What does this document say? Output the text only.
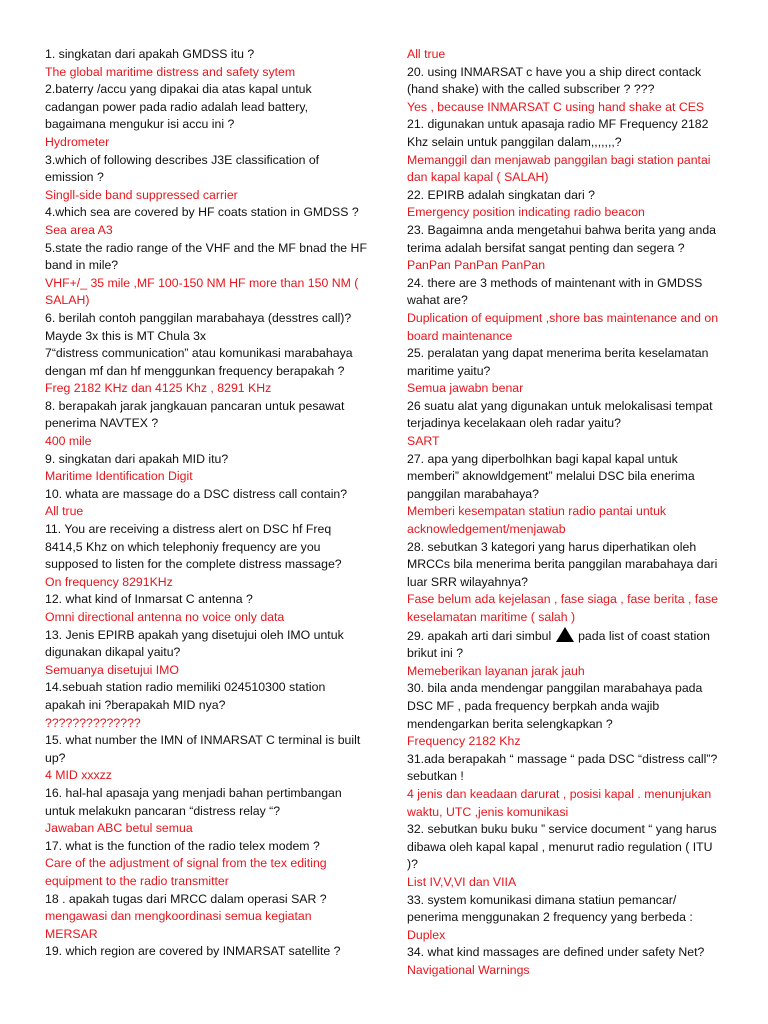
1. singkatan dari apakah GMDSS itu ?

The global maritime distress and safety sytem

2.baterry /accu yang dipakai dia atas kapal untuk cadangan power pada radio adalah lead battery, bagaimana mengukur isi accu ini ?

Hydrometer

3.which of following describes J3E classification of emission ?

Singll-side band suppressed carrier

4.which sea are covered by HF coats station in GMDSS ?

Sea area A3

5.state the radio range of the VHF and the MF bnad the HF band in mile?

VHF+/_ 35 mile ,MF 100-150 NM HF more than 150 NM ( SALAH)

6. berilah contoh panggilan marabahaya (desstres call)? Mayde 3x this is MT Chula 3x

7“distress communication” atau komunikasi marabahaya dengan mf dan hf menggunkan frequency berapakah ?

Freg 2182 KHz dan 4125 Khz , 8291 KHz

8. berapakah jarak jangkauan pancaran untuk pesawat penerima NAVTEX ?

400 mile

9. singkatan dari apakah MID itu?

Maritime Identification Digit

10. whata are massage do a DSC distress call contain?

All true

11. You are receiving a distress alert on DSC hf Freq 8414,5 Khz on which telephoniy frequency are you supposed to listen for the complete distress massage?

On frequency 8291KHz

12. what kind of Inmarsat C antenna ?

Omni directional antenna no voice only data

13. Jenis EPIRB apakah yang disetujui oleh IMO untuk digunakan dikapal yaitu?

Semuanya disetujui IMO

14.sebuah station radio memiliki 024510300 station apakah ini ?berapakah MID nya?

??????????????

15. what number the IMN of INMARSAT C terminal is built up?

4 MID xxxzz

16. hal-hal apasaja yang menjadi bahan pertimbangan untuk melakukn pancaran “distress relay “?

Jawaban ABC betul semua

17. what is the function of the radio telex modem ?

Care of the adjustment of signal from the tex editing equipment to the radio transmitter

18 . apakah tugas dari MRCC dalam operasi SAR ?

mengawasi dan mengkoordinasi semua kegiatan MERSAR

19. which region are covered by INMARSAT satellite ?

All true

20. using INMARSAT c have you a ship direct contack (hand shake) with the called subscriber ? ???

Yes , because INMARSAT C using hand shake at CES

21. digunakan untuk apasaja radio MF Frequency 2182 Khz selain untuk panggilan dalam,,,,,,,?

Memanggil dan menjawab panggilan bagi station pantai dan kapal kapal ( SALAH)

22. EPIRB adalah singkatan dari ?

Emergency position indicating radio beacon

23. Bagaimna anda mengetahui bahwa berita yang anda terima adalah bersifat sangat penting dan segera ?

PanPan PanPan PanPan

24. there are 3 methods of maintenant with in GMDSS wahat are?

Duplication of equipment ,shore bas maintenance and on board maintenance

25. peralatan yang dapat menerima berita keselamatan maritime yaitu?

Semua jawabn benar

26 suatu alat yang digunakan untuk melokalisasi tempat terjadinya kecelakaan oleh radar yaitu?

SART

27. apa yang diperbolhkan bagi kapal kapal untuk memberi” aknowldgement” melalui DSC bila enerima panggilan marabahaya?

Memberi kesempatan statiun radio pantai untuk acknowledgement/menjawab

28. sebutkan 3 kategori yang harus diperhatikan oleh MRCCs bila menerima berita panggilan marabahaya dari luar SRR wilayahnya?

Fase belum ada kejelasan , fase siaga , fase berita , fase keselamatan maritime ( salah )

29. apakah arti dari simbul  pada list of coast station brikut ini ?

Memeberikan layanan jarak jauh

30. bila anda mendengar panggilan marabahaya pada DSC MF , pada frequency berpkah anda wajib mendengarkan berita selengkapkan ?

Frequency 2182 Khz

31.ada berapakah “ massage “ pada DSC “distress call”? sebutkan !

4 jenis dan keadaan darurat , posisi kapal . menunjukan waktu, UTC ,jenis komunikasi

32. sebutkan buku buku ” service document “ yang harus dibawa oleh kapal kapal , menurut radio regulation ( ITU )?

List IV,V,VI dan VIIA

33. system komunikasi dimana statiun pemancar/ penerima menggunakan 2 frequency yang berbeda :

Duplex

34. what kind massages are defined under safety Net?

Navigational Warnings
